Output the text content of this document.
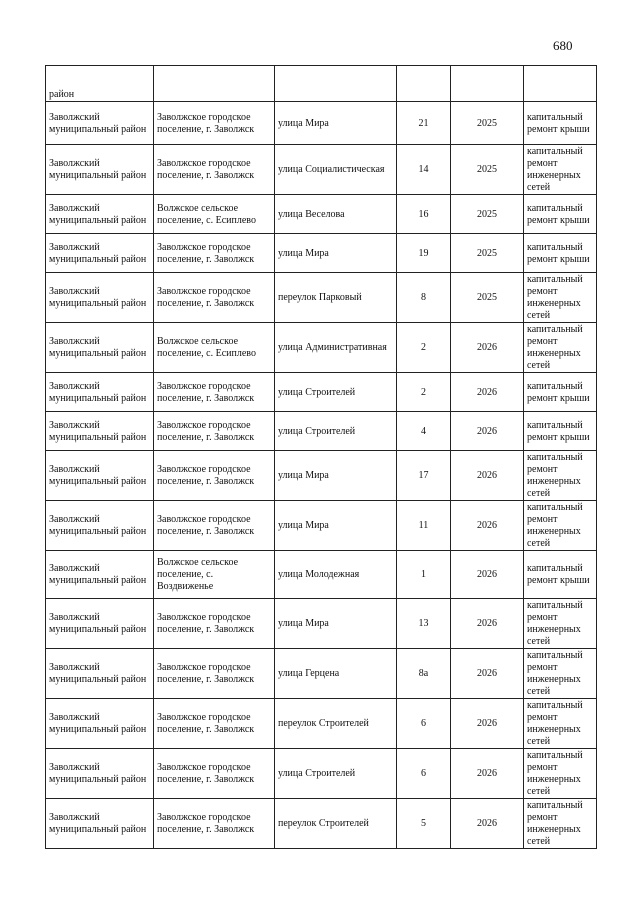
680
район					
Заволжский муниципальный район	Заволжское городское поселение, г. Заволжск	улица Мира	21	2025	капитальный ремонт крыши
Заволжский муниципальный район	Заволжское городское поселение, г. Заволжск	улица Социалистическая	14	2025	капитальный ремонт инженерных сетей
Заволжский муниципальный район	Волжское сельское поселение, с. Есиплево	улица Веселова	16	2025	капитальный ремонт крыши
Заволжский муниципальный район	Заволжское городское поселение, г. Заволжск	улица Мира	19	2025	капитальный ремонт крыши
Заволжский муниципальный район	Заволжское городское поселение, г. Заволжск	переулок Парковый	8	2025	капитальный ремонт инженерных сетей
Заволжский муниципальный район	Волжское сельское поселение, с. Есиплево	улица Административная	2	2026	капитальный ремонт инженерных сетей
Заволжский муниципальный район	Заволжское городское поселение, г. Заволжск	улица Строителей	2	2026	капитальный ремонт крыши
Заволжский муниципальный район	Заволжское городское поселение, г. Заволжск	улица Строителей	4	2026	капитальный ремонт крыши
Заволжский муниципальный район	Заволжское городское поселение, г. Заволжск	улица Мира	17	2026	капитальный ремонт инженерных сетей
Заволжский муниципальный район	Заволжское городское поселение, г. Заволжск	улица Мира	11	2026	капитальный ремонт инженерных сетей
Заволжский муниципальный район	Волжское сельское поселение, с. Воздвиженье	улица Молодежная	1	2026	капитальный ремонт крыши
Заволжский муниципальный район	Заволжское городское поселение, г. Заволжск	улица Мира	13	2026	капитальный ремонт инженерных сетей
Заволжский муниципальный район	Заволжское городское поселение, г. Заволжск	улица Герцена	8а	2026	капитальный ремонт инженерных сетей
Заволжский муниципальный район	Заволжское городское поселение, г. Заволжск	переулок Строителей	6	2026	капитальный ремонт инженерных сетей
Заволжский муниципальный район	Заволжское городское поселение, г. Заволжск	улица Строителей	6	2026	капитальный ремонт инженерных сетей
Заволжский муниципальный район	Заволжское городское поселение, г. Заволжск	переулок Строителей	5	2026	капитальный ремонт инженерных сетей
